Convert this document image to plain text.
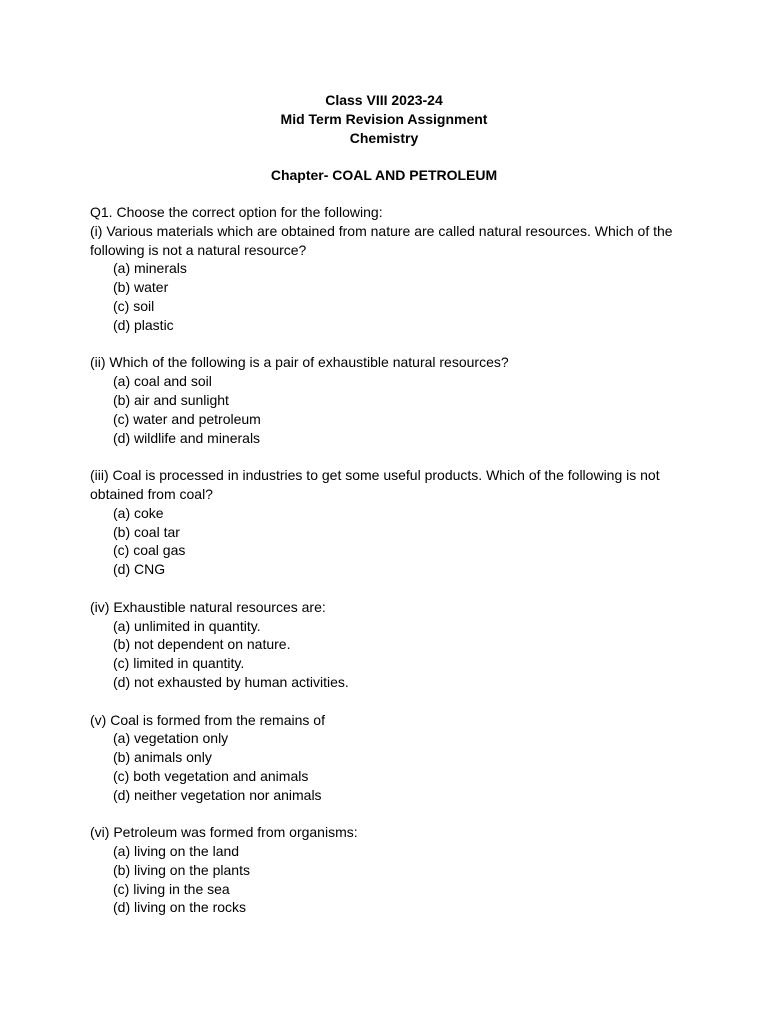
Class VIII 2023-24
Mid Term Revision Assignment
Chemistry
Chapter- COAL AND PETROLEUM
Q1. Choose the correct option for the following:
(i) Various materials which are obtained from nature are called natural resources. Which of the following is not a natural resource?
(a) minerals
(b) water
(c) soil
(d) plastic
(ii) Which of the following is a pair of exhaustible natural resources?
(a) coal and soil
(b) air and sunlight
(c) water and petroleum
(d) wildlife and minerals
(iii) Coal is processed in industries to get some useful products. Which of the following is not obtained from coal?
(a) coke
(b) coal tar
(c) coal gas
(d) CNG
(iv) Exhaustible natural resources are:
(a) unlimited in quantity.
(b) not dependent on nature.
(c) limited in quantity.
(d) not exhausted by human activities.
(v) Coal is formed from the remains of
(a) vegetation only
(b) animals only
(c) both vegetation and animals
(d) neither vegetation nor animals
(vi) Petroleum was formed from organisms:
(a) living on the land
(b) living on the plants
(c) living in the sea
(d) living on the rocks
